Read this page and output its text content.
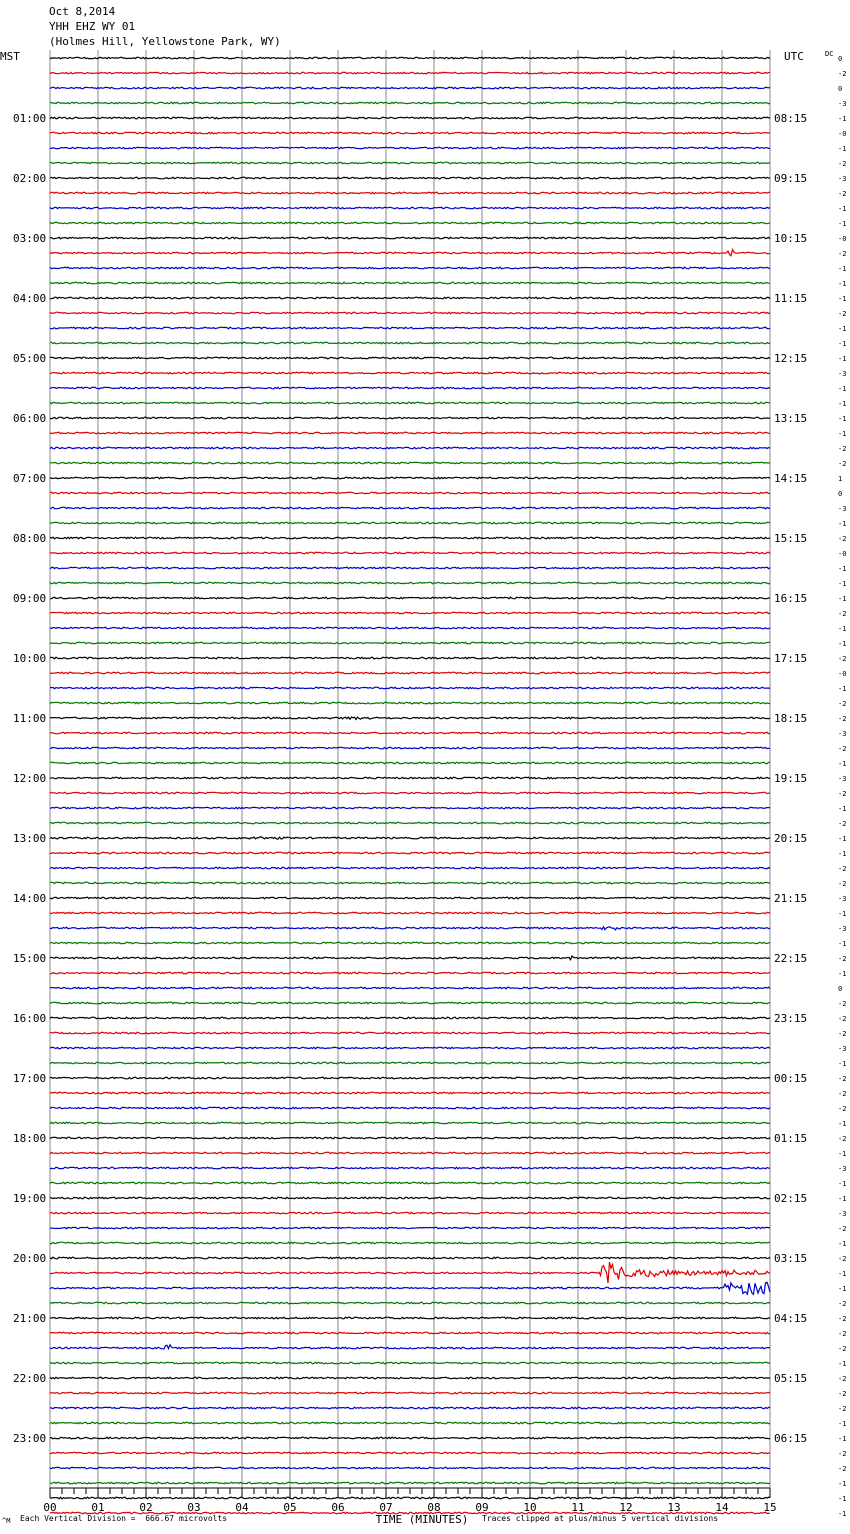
Oct 8,2014
YHH EHZ WY 01
(Holmes Hill, Yellowstone Park, WY)
0
-2
0
-3
-1
-0
-1
-2
-3
-2
-1
-1
-0
-2
-1
-1
-1
-2
-1
-1
-1
-3
-1
-1
-1
-1
-2
-2
1
0
-3
-1
-2
-0
-1
-1
-1
-2
-1
-1
-2
-0
-1
-2
-2
-3
-2
-1
-3
-2
-1
-2
-1
-1
-2
-2
-3
-1
-3
-1
-2
-1
0
-2
-2
-2
-3
-1
-2
-2
-2
-1
-2
-1
-3
-1
-1
-3
-2
-1
-2
-1
-1
-2
-2
-2
-2
-1
-2
-2
-2
-1
-1
-2
-2
-1
-1
-1
01:00
02:00
03:00
04:00
05:00
06:00
07:00
08:00
09:00
10:00
11:00
12:00
13:00
14:00
15:00
16:00
17:00
18:00
19:00
20:00
21:00
22:00
23:00
08:15
09:15
10:15
11:15
12:15
13:15
14:15
15:15
16:15
17:15
18:15
19:15
20:15
21:15
22:15
23:15
00:15
01:15
02:15
03:15
04:15
05:15
06:15
MST	UTC	DC
00	01	02	03	04	05	06	07	08	09	10	11	12	13	14	15
TIME (MINUTES)
^M Each Vertical Division =  666.67 microvolts	Traces clipped at plus/minus 5 vertical divisions
